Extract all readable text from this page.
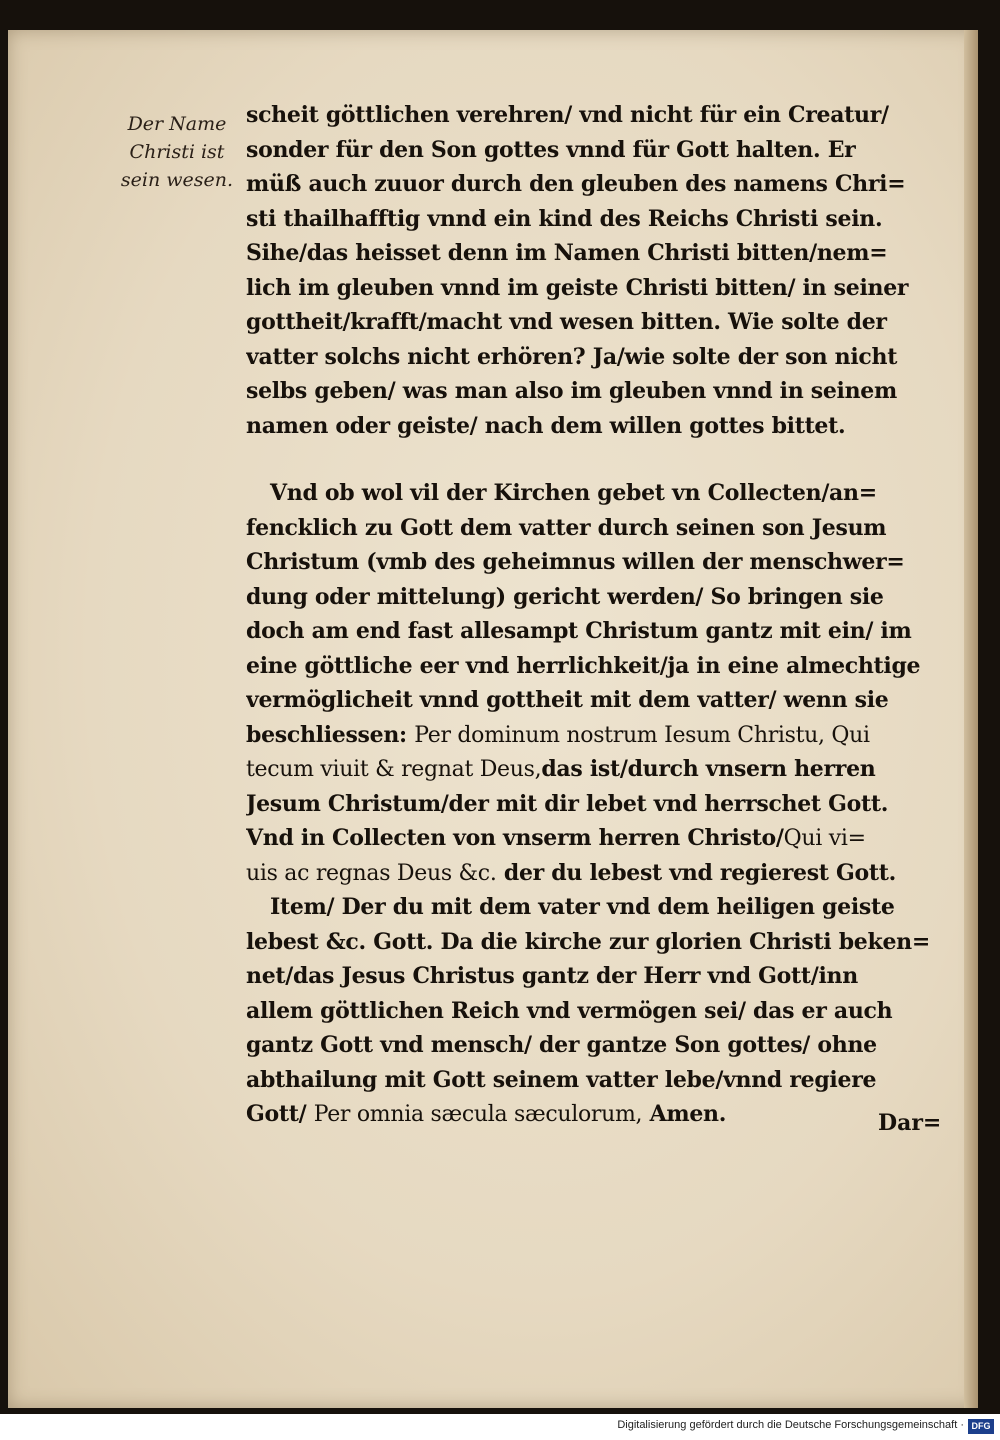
Der Name
Christi ist
sein wesen.

scheit göttlichen verehren/ vnd nicht für ein Creatur/
sonder für den Son gottes vnnd für Gott halten. Er
müß auch zuuor durch den gleuben des namens Chri=
sti thailhafftig vnnd ein kind des Reichs Christi sein.
Sihe/das heisset denn im Namen Christi bitten/nem=
lich im gleuben vnnd im geiste Christi bitten/ in seiner
gottheit/krafft/macht vnd wesen bitten. Wie solte der
vatter solchs nicht erhören? Ja/wie solte der son nicht
selbs geben/ was man also im gleuben vnnd in seinem
namen oder geiste/ nach dem willen gottes bittet.

Vnd ob wol vil der Kirchen gebet vn Collecten/an=
fencklich zu Gott dem vatter durch seinen son Jesum
Christum (vmb des geheimnus willen der menschwer=
dung oder mittelung) gericht werden/ So bringen sie
doch am end fast allesampt Christum gantz mit ein/ im
eine göttliche eer vnd herrlichkeit/ja in eine almechtige
vermöglicheit vnnd gottheit mit dem vatter/ wenn sie
beschliessen: Per dominum nostrum Iesum Christu, Qui
tecum viuit & regnat Deus,das ist/durch vnsern herren
Jesum Christum/der mit dir lebet vnd herrschet Gott.
Vnd in Collecten von vnserm herren Christo/Qui vi=
uis ac regnas Deus &c. der du lebest vnd regierest Gott.
Item/ Der du mit dem vater vnd dem heiligen geiste
lebest &c. Gott. Da die kirche zur glorien Christi beken=
net/das Jesus Christus gantz der Herr vnd Gott/inn
allem göttlichen Reich vnd vermögen sei/ das er auch
gantz Gott vnd mensch/ der gantze Son gottes/ ohne
abthailung mit Gott seinem vatter lebe/vnnd regiere
Gott/ Per omnia sæcula sæculorum, Amen.	Dar=

Digitalisierung gefördert durch die Deutsche Forschungsgemeinschaft · DFG
